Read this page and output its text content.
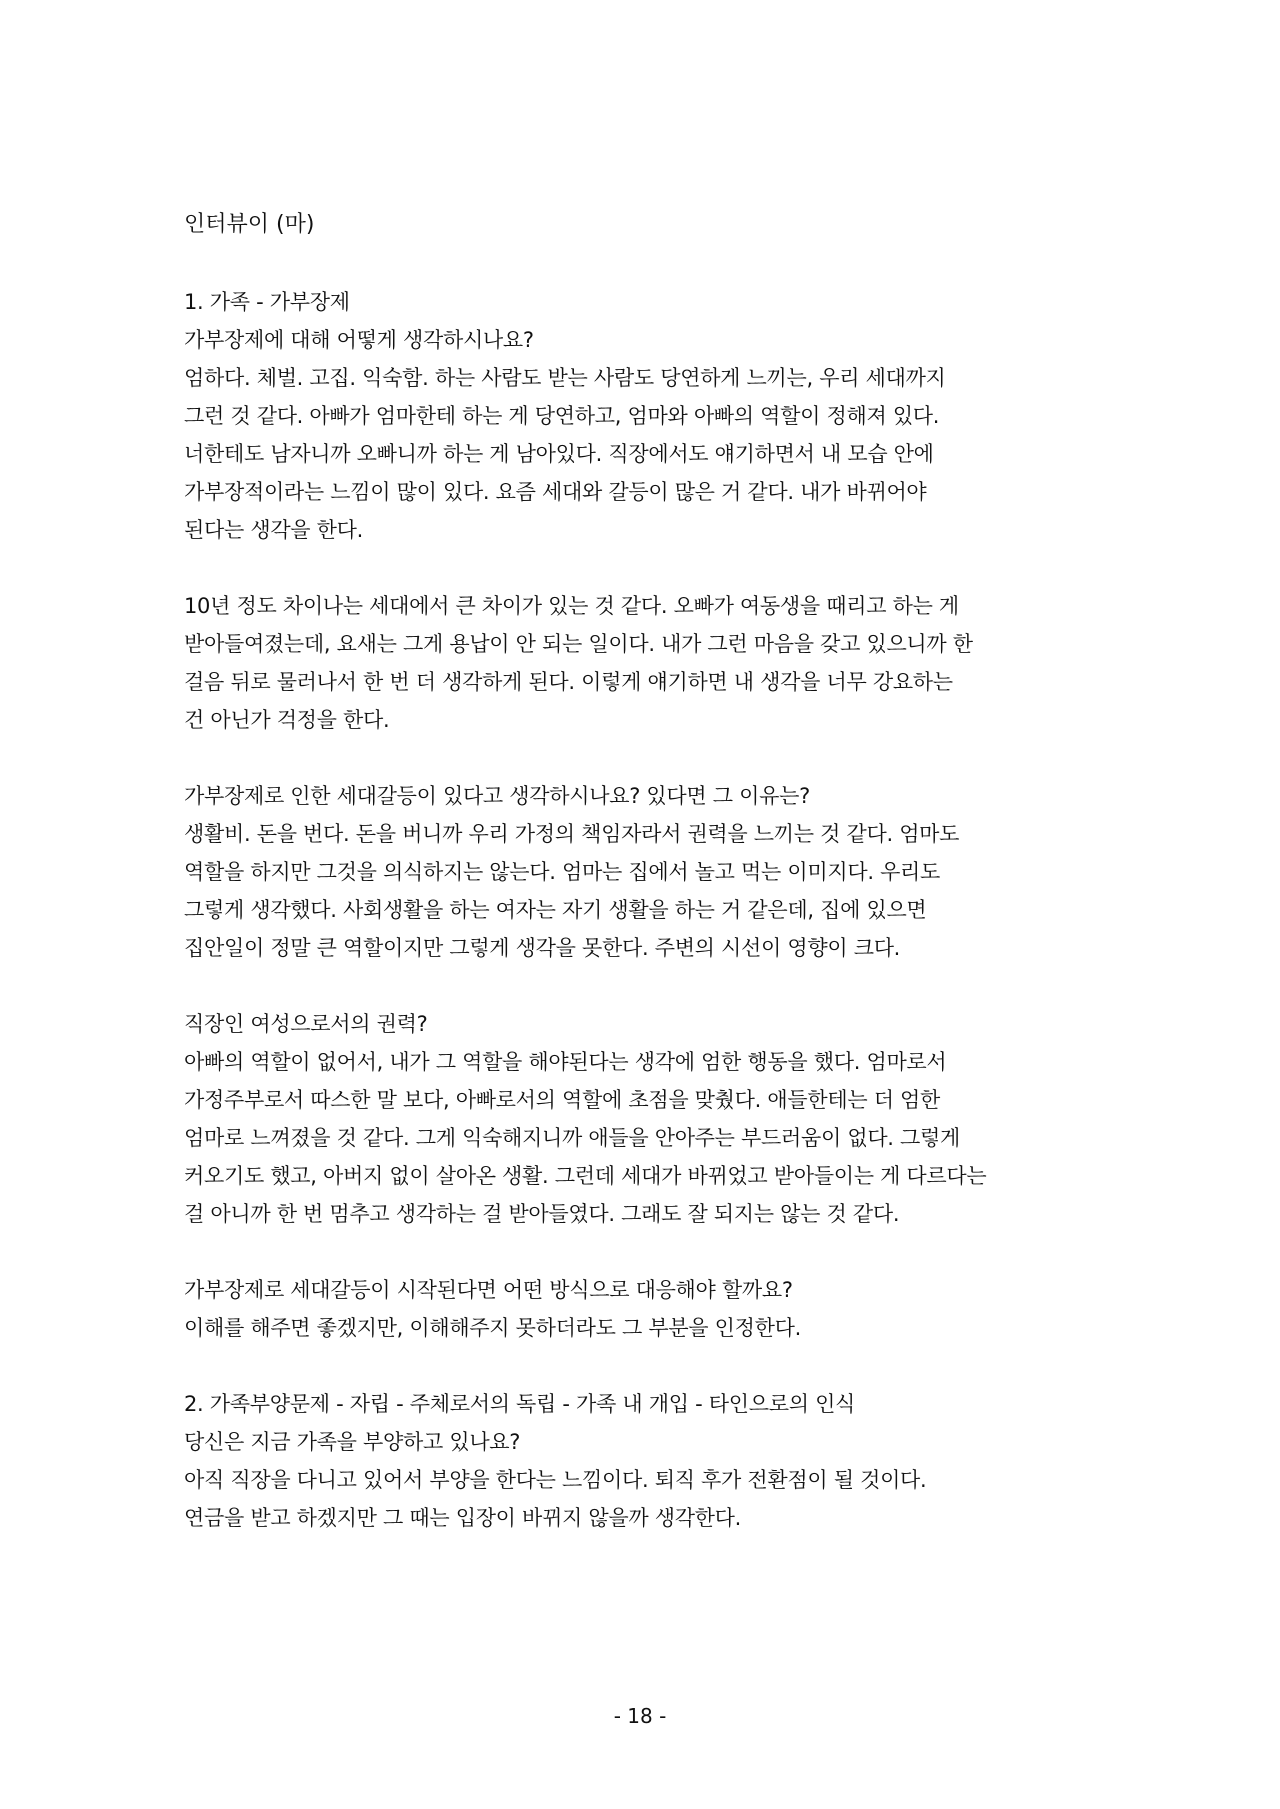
인터뷰이 (마)
1. 가족 - 가부장제
가부장제에 대해 어떻게 생각하시나요?
엄하다. 체벌. 고집. 익숙함. 하는 사람도 받는 사람도 당연하게 느끼는, 우리 세대까지
그런 것 같다. 아빠가 엄마한테 하는 게 당연하고, 엄마와 아빠의 역할이 정해져 있다.
너한테도 남자니까 오빠니까 하는 게 남아있다. 직장에서도 얘기하면서 내 모습 안에
가부장적이라는 느낌이 많이 있다. 요즘 세대와 갈등이 많은 거 같다. 내가 바뀌어야
된다는 생각을 한다.
10년 정도 차이나는 세대에서 큰 차이가 있는 것 같다. 오빠가 여동생을 때리고 하는 게
받아들여졌는데, 요새는 그게 용납이 안 되는 일이다. 내가 그런 마음을 갖고 있으니까 한
걸음 뒤로 물러나서 한 번 더 생각하게 된다. 이렇게 얘기하면 내 생각을 너무 강요하는
건 아닌가 걱정을 한다.
가부장제로 인한 세대갈등이 있다고 생각하시나요? 있다면 그 이유는?
생활비. 돈을 번다. 돈을 버니까 우리 가정의 책임자라서 권력을 느끼는 것 같다. 엄마도
역할을 하지만 그것을 의식하지는 않는다. 엄마는 집에서 놀고 먹는 이미지다. 우리도
그렇게 생각했다. 사회생활을 하는 여자는 자기 생활을 하는 거 같은데, 집에 있으면
집안일이 정말 큰 역할이지만 그렇게 생각을 못한다. 주변의 시선이 영향이 크다.
직장인 여성으로서의 권력?
아빠의 역할이 없어서, 내가 그 역할을 해야된다는 생각에 엄한 행동을 했다. 엄마로서
가정주부로서 따스한 말 보다, 아빠로서의 역할에 초점을 맞췄다. 애들한테는 더 엄한
엄마로 느껴졌을 것 같다. 그게 익숙해지니까 애들을 안아주는 부드러움이 없다. 그렇게
커오기도 했고, 아버지 없이 살아온 생활. 그런데 세대가 바뀌었고 받아들이는 게 다르다는
걸 아니까 한 번 멈추고 생각하는 걸 받아들였다. 그래도 잘 되지는 않는 것 같다.
가부장제로 세대갈등이 시작된다면 어떤 방식으로 대응해야 할까요?
이해를 해주면 좋겠지만, 이해해주지 못하더라도 그 부분을 인정한다.
2. 가족부양문제 - 자립 - 주체로서의 독립 - 가족 내 개입 - 타인으로의 인식
당신은 지금 가족을 부양하고 있나요?
아직 직장을 다니고 있어서 부양을 한다는 느낌이다. 퇴직 후가 전환점이 될 것이다.
연금을 받고 하겠지만 그 때는 입장이 바뀌지 않을까 생각한다.
- 18 -
